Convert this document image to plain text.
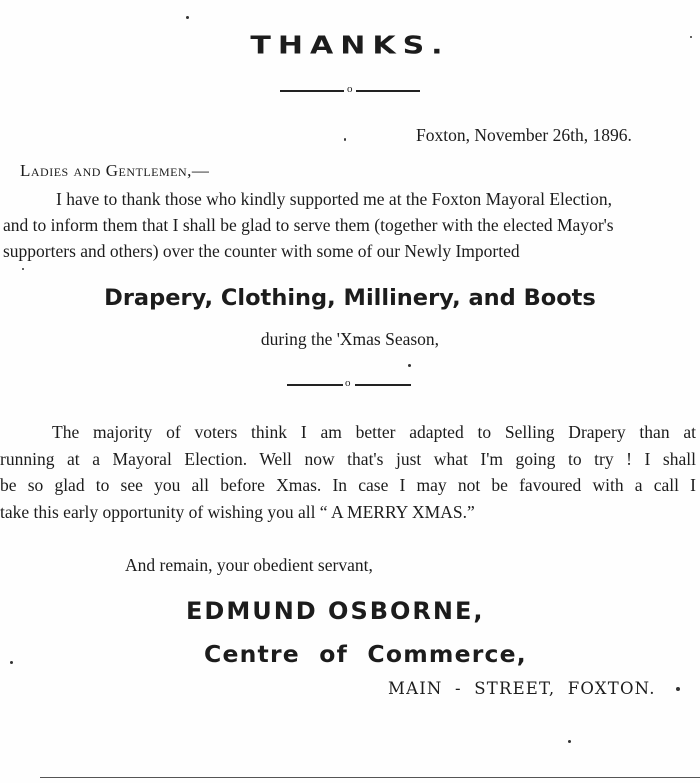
THANKS.
o
Foxton, November 26th, 1896.
Ladies and Gentlemen,—
I have to thank those who kindly supported me at the Foxton Mayoral Election,
and to inform them that I shall be glad to serve them (together with the elected Mayor's
supporters and others) over the counter with some of our Newly Imported
Drapery, Clothing, Millinery, and Boots
during the 'Xmas Season,
o
The majority of voters think I am better adapted to Selling Drapery than at
running at a Mayoral Election. Well now that's just what I'm going to try ! I shall
be so glad to see you all before Xmas. In case I may not be favoured with a call I
take this early opportunity of wishing you all “ A MERRY XMAS.”
And remain, your obedient servant,
EDMUND OSBORNE,
Centre of Commerce,
MAIN - STREET, FOXTON.
